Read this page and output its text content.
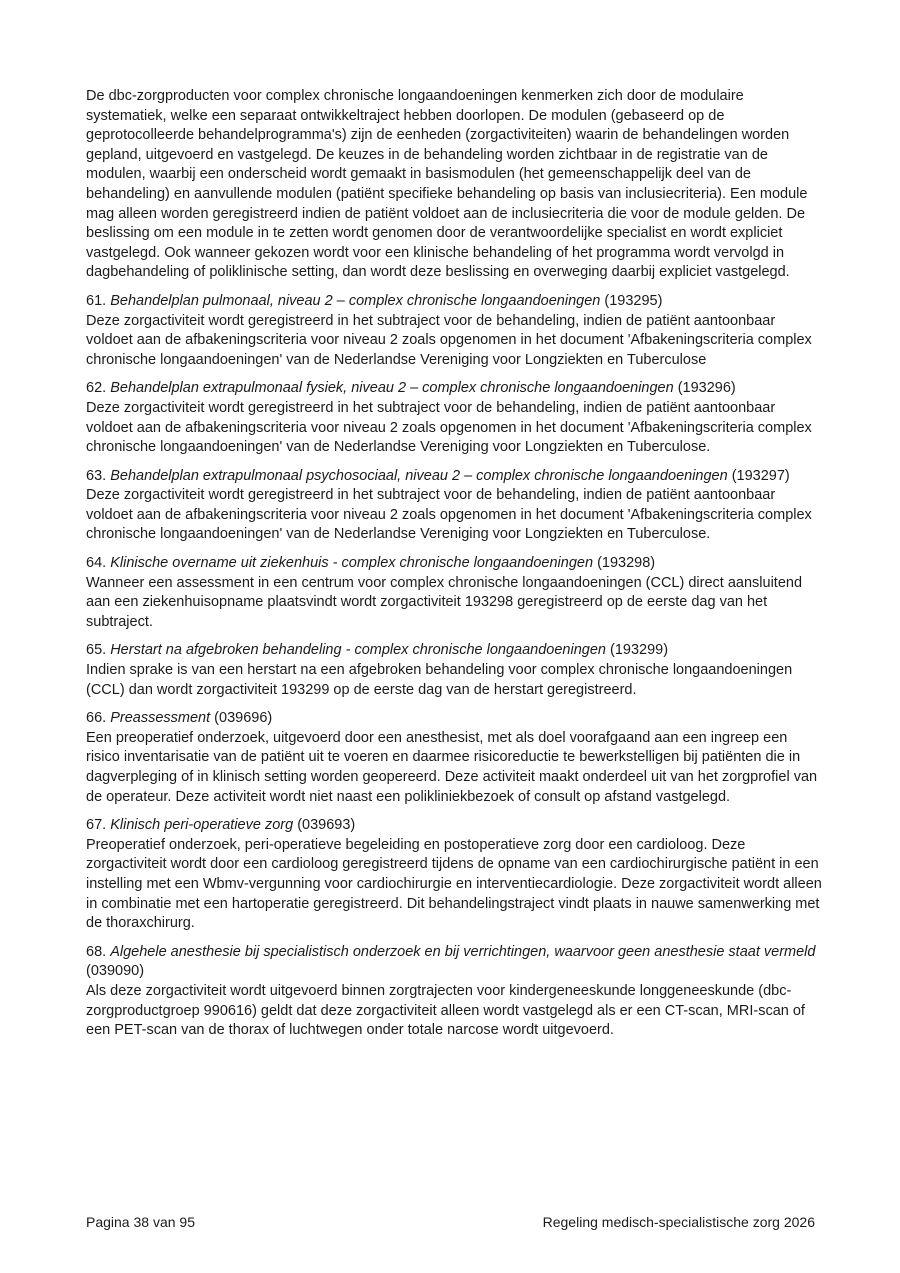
De dbc-zorgproducten voor complex chronische longaandoeningen kenmerken zich door de modulaire systematiek, welke een separaat ontwikkeltraject hebben doorlopen. De modulen (gebaseerd op de geprotocolleerde behandelprogramma's) zijn de eenheden (zorgactiviteiten) waarin de behandelingen worden gepland, uitgevoerd en vastgelegd. De keuzes in de behandeling worden zichtbaar in de registratie van de modulen, waarbij een onderscheid wordt gemaakt in basismodulen (het gemeenschappelijk deel van de behandeling) en aanvullende modulen (patiënt specifieke behandeling op basis van inclusiecriteria). Een module mag alleen worden geregistreerd indien de patiënt voldoet aan de inclusiecriteria die voor de module gelden. De beslissing om een module in te zetten wordt genomen door de verantwoordelijke specialist en wordt expliciet vastgelegd. Ook wanneer gekozen wordt voor een klinische behandeling of het programma wordt vervolgd in dagbehandeling of poliklinische setting, dan wordt deze beslissing en overweging daarbij expliciet vastgelegd.

61. Behandelplan pulmonaal, niveau 2 – complex chronische longaandoeningen (193295)

Deze zorgactiviteit wordt geregistreerd in het subtraject voor de behandeling, indien de patiënt aantoonbaar voldoet aan de afbakeningscriteria voor niveau 2 zoals opgenomen in het document 'Afbakeningscriteria complex chronische longaandoeningen' van de Nederlandse Vereniging voor Longziekten en Tuberculose

62. Behandelplan extrapulmonaal fysiek, niveau 2 – complex chronische longaandoeningen (193296)

Deze zorgactiviteit wordt geregistreerd in het subtraject voor de behandeling, indien de patiënt aantoonbaar voldoet aan de afbakeningscriteria voor niveau 2 zoals opgenomen in het document 'Afbakeningscriteria complex chronische longaandoeningen' van de Nederlandse Vereniging voor Longziekten en Tuberculose.

63. Behandelplan extrapulmonaal psychosociaal, niveau 2 – complex chronische longaandoeningen (193297)

Deze zorgactiviteit wordt geregistreerd in het subtraject voor de behandeling, indien de patiënt aantoonbaar voldoet aan de afbakeningscriteria voor niveau 2 zoals opgenomen in het document 'Afbakeningscriteria complex chronische longaandoeningen' van de Nederlandse Vereniging voor Longziekten en Tuberculose.

64. Klinische overname uit ziekenhuis - complex chronische longaandoeningen (193298)

Wanneer een assessment in een centrum voor complex chronische longaandoeningen (CCL) direct aansluitend aan een ziekenhuisopname plaatsvindt wordt zorgactiviteit 193298 geregistreerd op de eerste dag van het subtraject.

65. Herstart na afgebroken behandeling - complex chronische longaandoeningen (193299)

Indien sprake is van een herstart na een afgebroken behandeling voor complex chronische longaandoeningen (CCL) dan wordt zorgactiviteit 193299 op de eerste dag van de herstart geregistreerd.

66. Preassessment (039696)

Een preoperatief onderzoek, uitgevoerd door een anesthesist, met als doel voorafgaand aan een ingreep een risico inventarisatie van de patiënt uit te voeren en daarmee risicoreductie te bewerkstelligen bij patiënten die in dagverpleging of in klinisch setting worden geopereerd. Deze activiteit maakt onderdeel uit van het zorgprofiel van de operateur. Deze activiteit wordt niet naast een polikliniekbezoek of consult op afstand vastgelegd.

67. Klinisch peri-operatieve zorg (039693)

Preoperatief onderzoek, peri-operatieve begeleiding en postoperatieve zorg door een cardioloog. Deze zorgactiviteit wordt door een cardioloog geregistreerd tijdens de opname van een cardiochirurgische patiënt in een instelling met een Wbmv-vergunning voor cardiochirurgie en interventiecardiologie. Deze zorgactiviteit wordt alleen in combinatie met een hartoperatie geregistreerd. Dit behandelingstraject vindt plaats in nauwe samenwerking met de thoraxchirurg.

68. Algehele anesthesie bij specialistisch onderzoek en bij verrichtingen, waarvoor geen anesthesie staat vermeld (039090)

Als deze zorgactiviteit wordt uitgevoerd binnen zorgtrajecten voor kindergeneeskunde longgeneeskunde (dbc-zorgproductgroep 990616) geldt dat deze zorgactiviteit alleen wordt vastgelegd als er een CT-scan, MRI-scan of een PET-scan van de thorax of luchtwegen onder totale narcose wordt uitgevoerd.

Pagina 38 van 95	Regeling medisch-specialistische zorg 2026
